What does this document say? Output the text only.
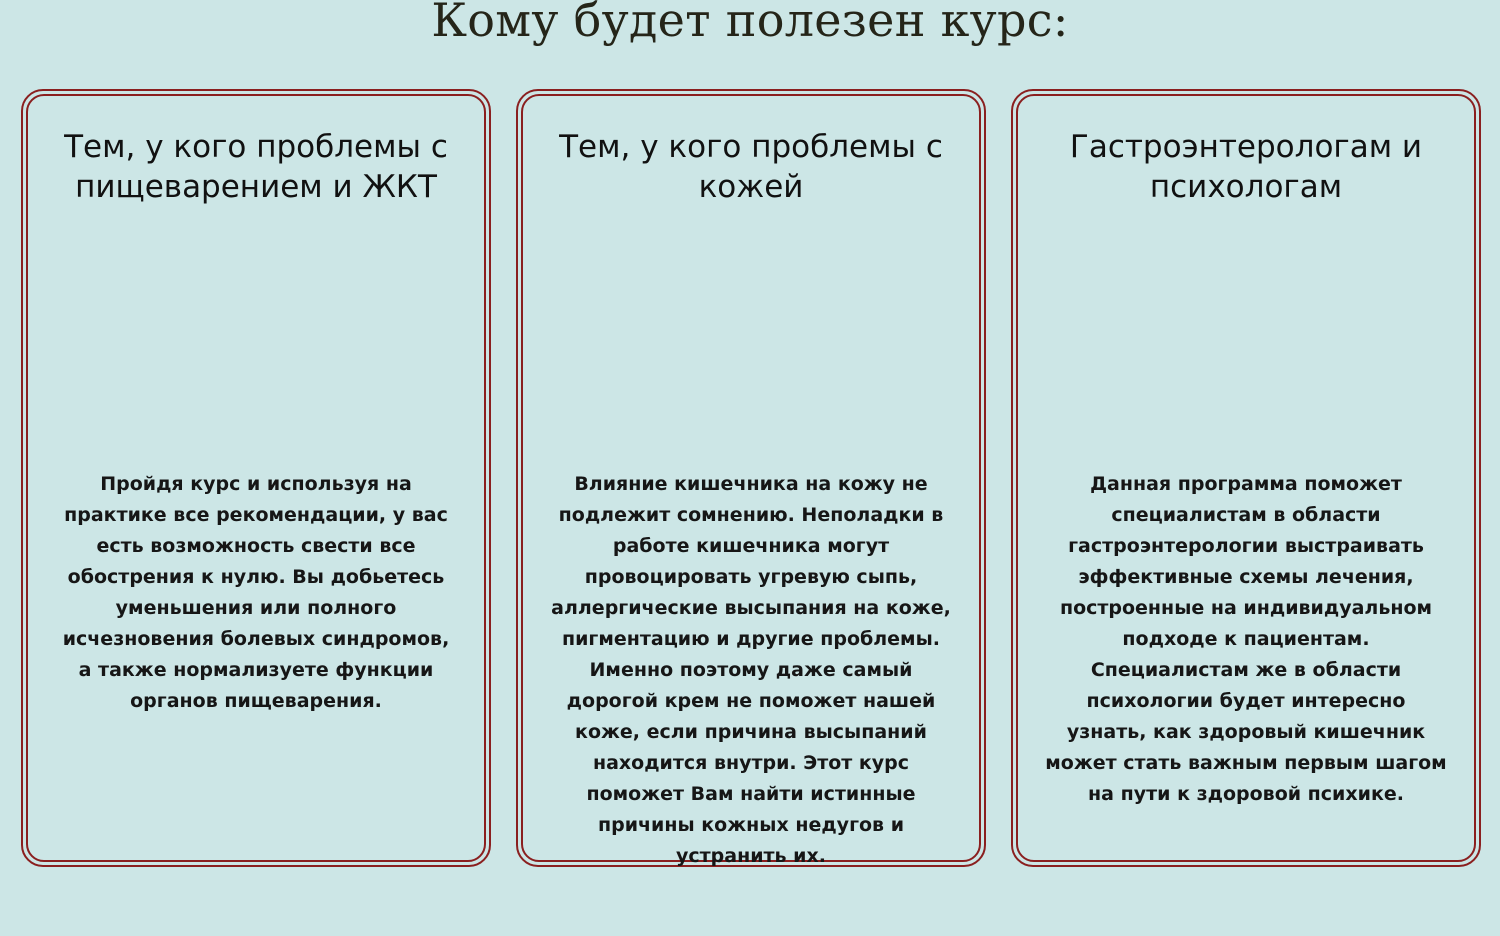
Кому будет полезен курс:
Тем, у кого проблемы с пищеварением и ЖКТ

Пройдя курс и используя на практике все рекомендации, у вас есть возможность свести все обострения к нулю. Вы добьетесь уменьшения или полного исчезновения болевых синдромов, а также нормализуете функции органов пищеварения.

Тем, у кого проблемы с кожей

Влияние кишечника на кожу не подлежит сомнению. Неполадки в работе кишечника могут провоцировать угревую сыпь, аллергические высыпания на коже, пигментацию и другие проблемы. Именно поэтому даже самый дорогой крем не поможет нашей коже, если причина высыпаний находится внутри. Этот курс поможет Вам найти истинные причины кожных недугов и устранить их.

Гастроэнтерологам и психологам

Данная программа поможет специалистам в области гастроэнтерологии выстраивать эффективные схемы лечения, построенные на индивидуальном подходе к пациентам. Специалистам же в области психологии будет интересно узнать, как здоровый кишечник может стать важным первым шагом на пути к здоровой психике.
